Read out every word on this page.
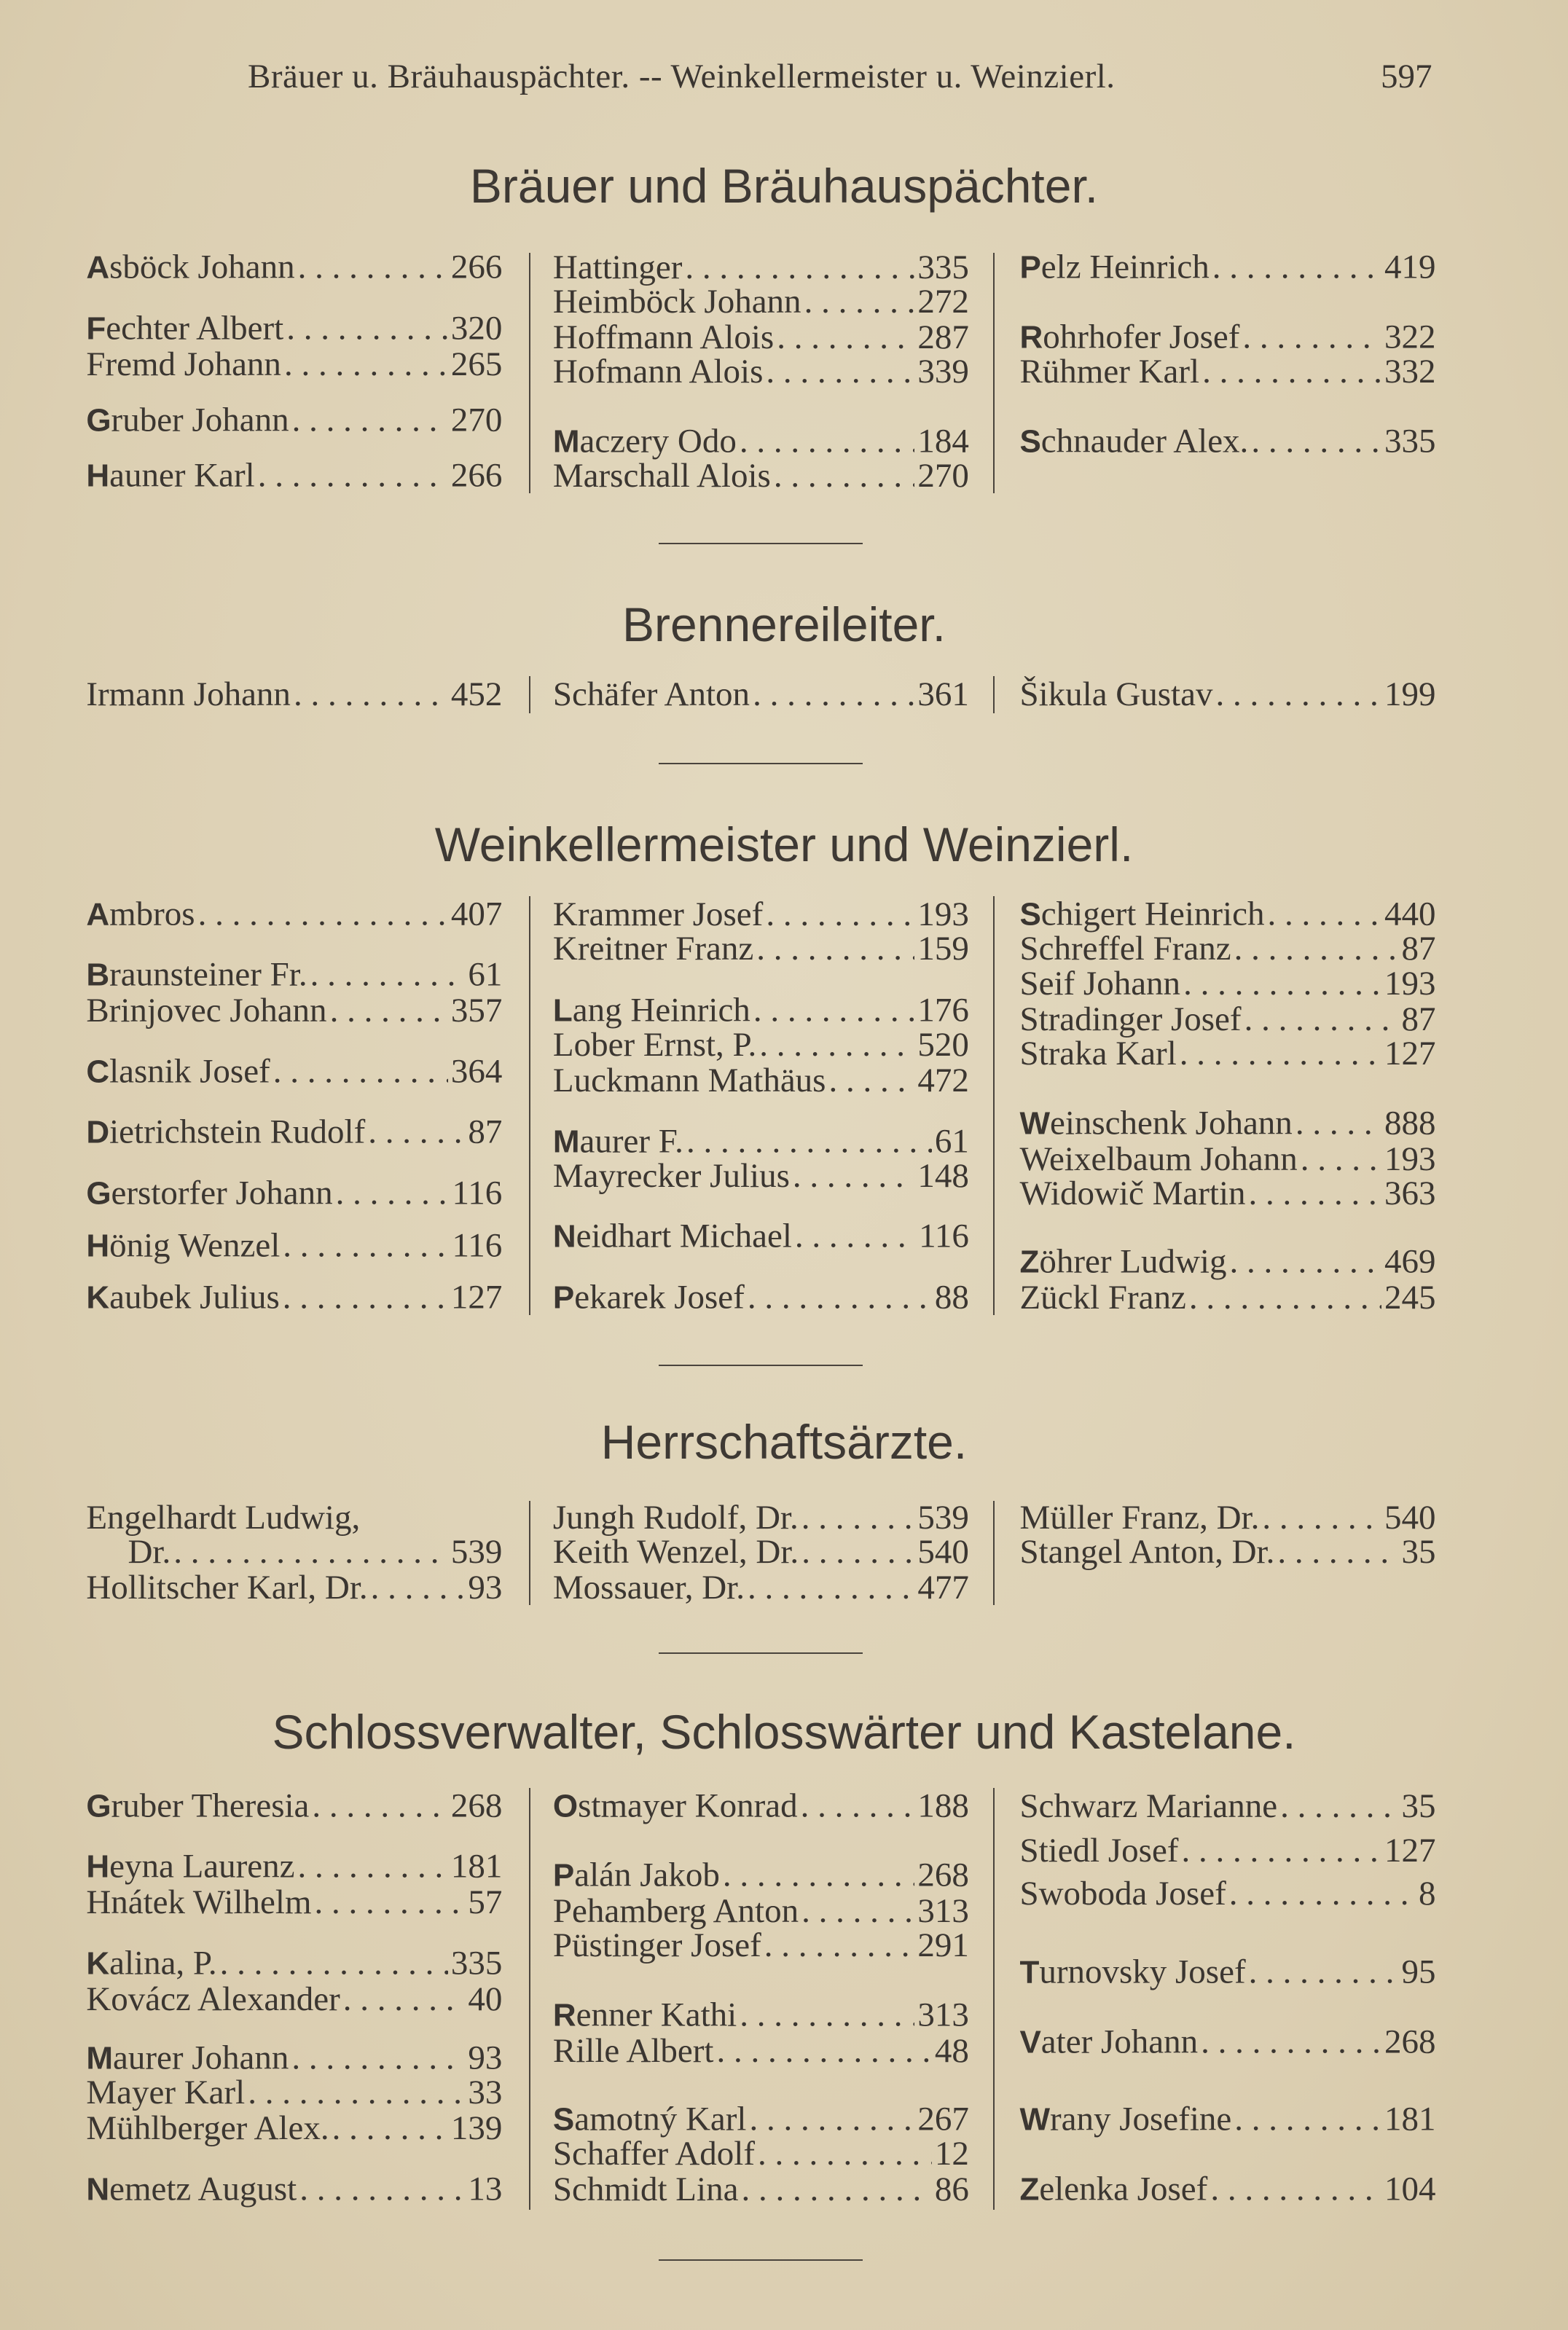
Bräuer u. Bräuhauspächter. -- Weinkellermeister u. Weinzierl.	597
Bräuer und Bräuhauspächter.
Asböck Johann . . .	266
Fechter Albert . . .	320
Fremd Johann . . .	265
Gruber Johann . . .	270
Hauner Karl . . .	266
Hattinger . . .	335
Heimböck Johann . . .	272
Hoffmann Alois . . .	287
Hofmann Alois . . .	339
Maczery Odo . . .	184
Marschall Alois . . .	270
Pelz Heinrich . . .	419
Rohrhofer Josef . . .	322
Rühmer Karl . . .	332
Schnauder Alex. . . .	335
Brennereileiter.
Irmann Johann . . .	452 Schäfer Anton . . .	361 Šikula Gustav . . .	199
Weinkellermeister und Weinzierl.
Ambros . . .	407
Braunsteiner Fr. . . .	61
Brinjovec Johann . . .	357
Clasnik Josef . . .	364
Dietrichstein Rudolf . . .	87
Gerstorfer Johann . . .	116
Hönig Wenzel . . .	116
Kaubek Julius . . .	127
Krammer Josef . . .	193
Kreitner Franz . . .	159
Lang Heinrich . . .	176
Lober Ernst, P. . . .	520
Luckmann Mathäus . . .	472
Maurer F. . . .	61
Mayrecker Julius . . .	148
Neidhart Michael . . .	116
Pekarek Josef . . .	88
Schigert Heinrich . . .	440
Schreffel Franz . . .	87
Seif Johann . . .	193
Stradinger Josef . . .	87
Straka Karl . . .	127
Weinschenk Johann . . .	888
Weixelbaum Johann . . .	193
Widowič Martin . . .	363
Zöhrer Ludwig . . .	469
Zückl Franz . . .	245
Herrschaftsärzte.
Engelhardt Ludwig,
Dr. . . .	539
Hollitscher Karl, Dr. . . .	93
Jungh Rudolf, Dr. . . .	539
Keith Wenzel, Dr. . . .	540
Mossauer, Dr. . . .	477
Müller Franz, Dr. . . .	540
Stangel Anton, Dr. . . .	35
Schlossverwalter, Schlosswärter und Kastelane.
Gruber Theresia . . .	268
Heyna Laurenz . . .	181
Hnátek Wilhelm . . .	57
Kalina, P. . . .	335
Kovácz Alexander . . .	40
Maurer Johann . . .	93
Mayer Karl . . .	33
Mühlberger Alex. . . .	139
Nemetz August . . .	13
Ostmayer Konrad . . .	188
Palán Jakob . . .	268
Pehamberg Anton . . .	313
Püstinger Josef . . .	291
Renner Kathi . . .	313
Rille Albert . . .	48
Samotný Karl . . .	267
Schaffer Adolf . . .	12
Schmidt Lina . . .	86
Schwarz Marianne . . .	35
Stiedl Josef . . .	127
Swoboda Josef . . .	8
Turnovsky Josef . . .	95
Vater Johann . . .	268
Wrany Josefine . . .	181
Zelenka Josef . . .	104
